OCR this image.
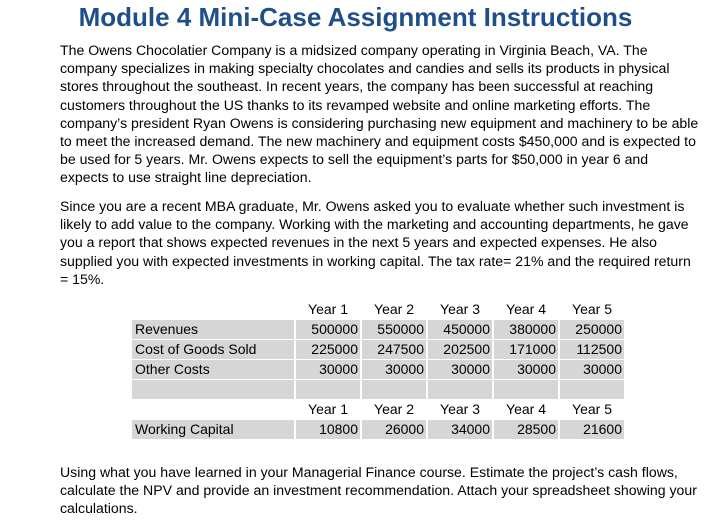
Module 4 Mini-Case Assignment Instructions

The Owens Chocolatier Company is a midsized company operating in Virginia Beach, VA. The company specializes in making specialty chocolates and candies and sells its products in physical stores throughout the southeast. In recent years, the company has been successful at reaching customers throughout the US thanks to its revamped website and online marketing efforts. The company’s president Ryan Owens is considering purchasing new equipment and machinery to be able to meet the increased demand. The new machinery and equipment costs $450,000 and is expected to be used for 5 years. Mr. Owens expects to sell the equipment’s parts for $50,000 in year 6 and expects to use straight line depreciation.

Since you are a recent MBA graduate, Mr. Owens asked you to evaluate whether such investment is likely to add value to the company. Working with the marketing and accounting departments, he gave you a report that shows expected revenues in the next 5 years and expected expenses. He also supplied you with expected investments in working capital. The tax rate= 21% and the required return = 15%.

	Year 1	Year 2	Year 3	Year 4	Year 5
Revenues	500000	550000	450000	380000	250000
Cost of Goods Sold	225000	247500	202500	171000	112500
Other Costs	30000	30000	30000	30000	30000

	Year 1	Year 2	Year 3	Year 4	Year 5
Working Capital	10800	26000	34000	28500	21600

Using what you have learned in your Managerial Finance course. Estimate the project’s cash flows, calculate the NPV and provide an investment recommendation. Attach your spreadsheet showing your calculations.
